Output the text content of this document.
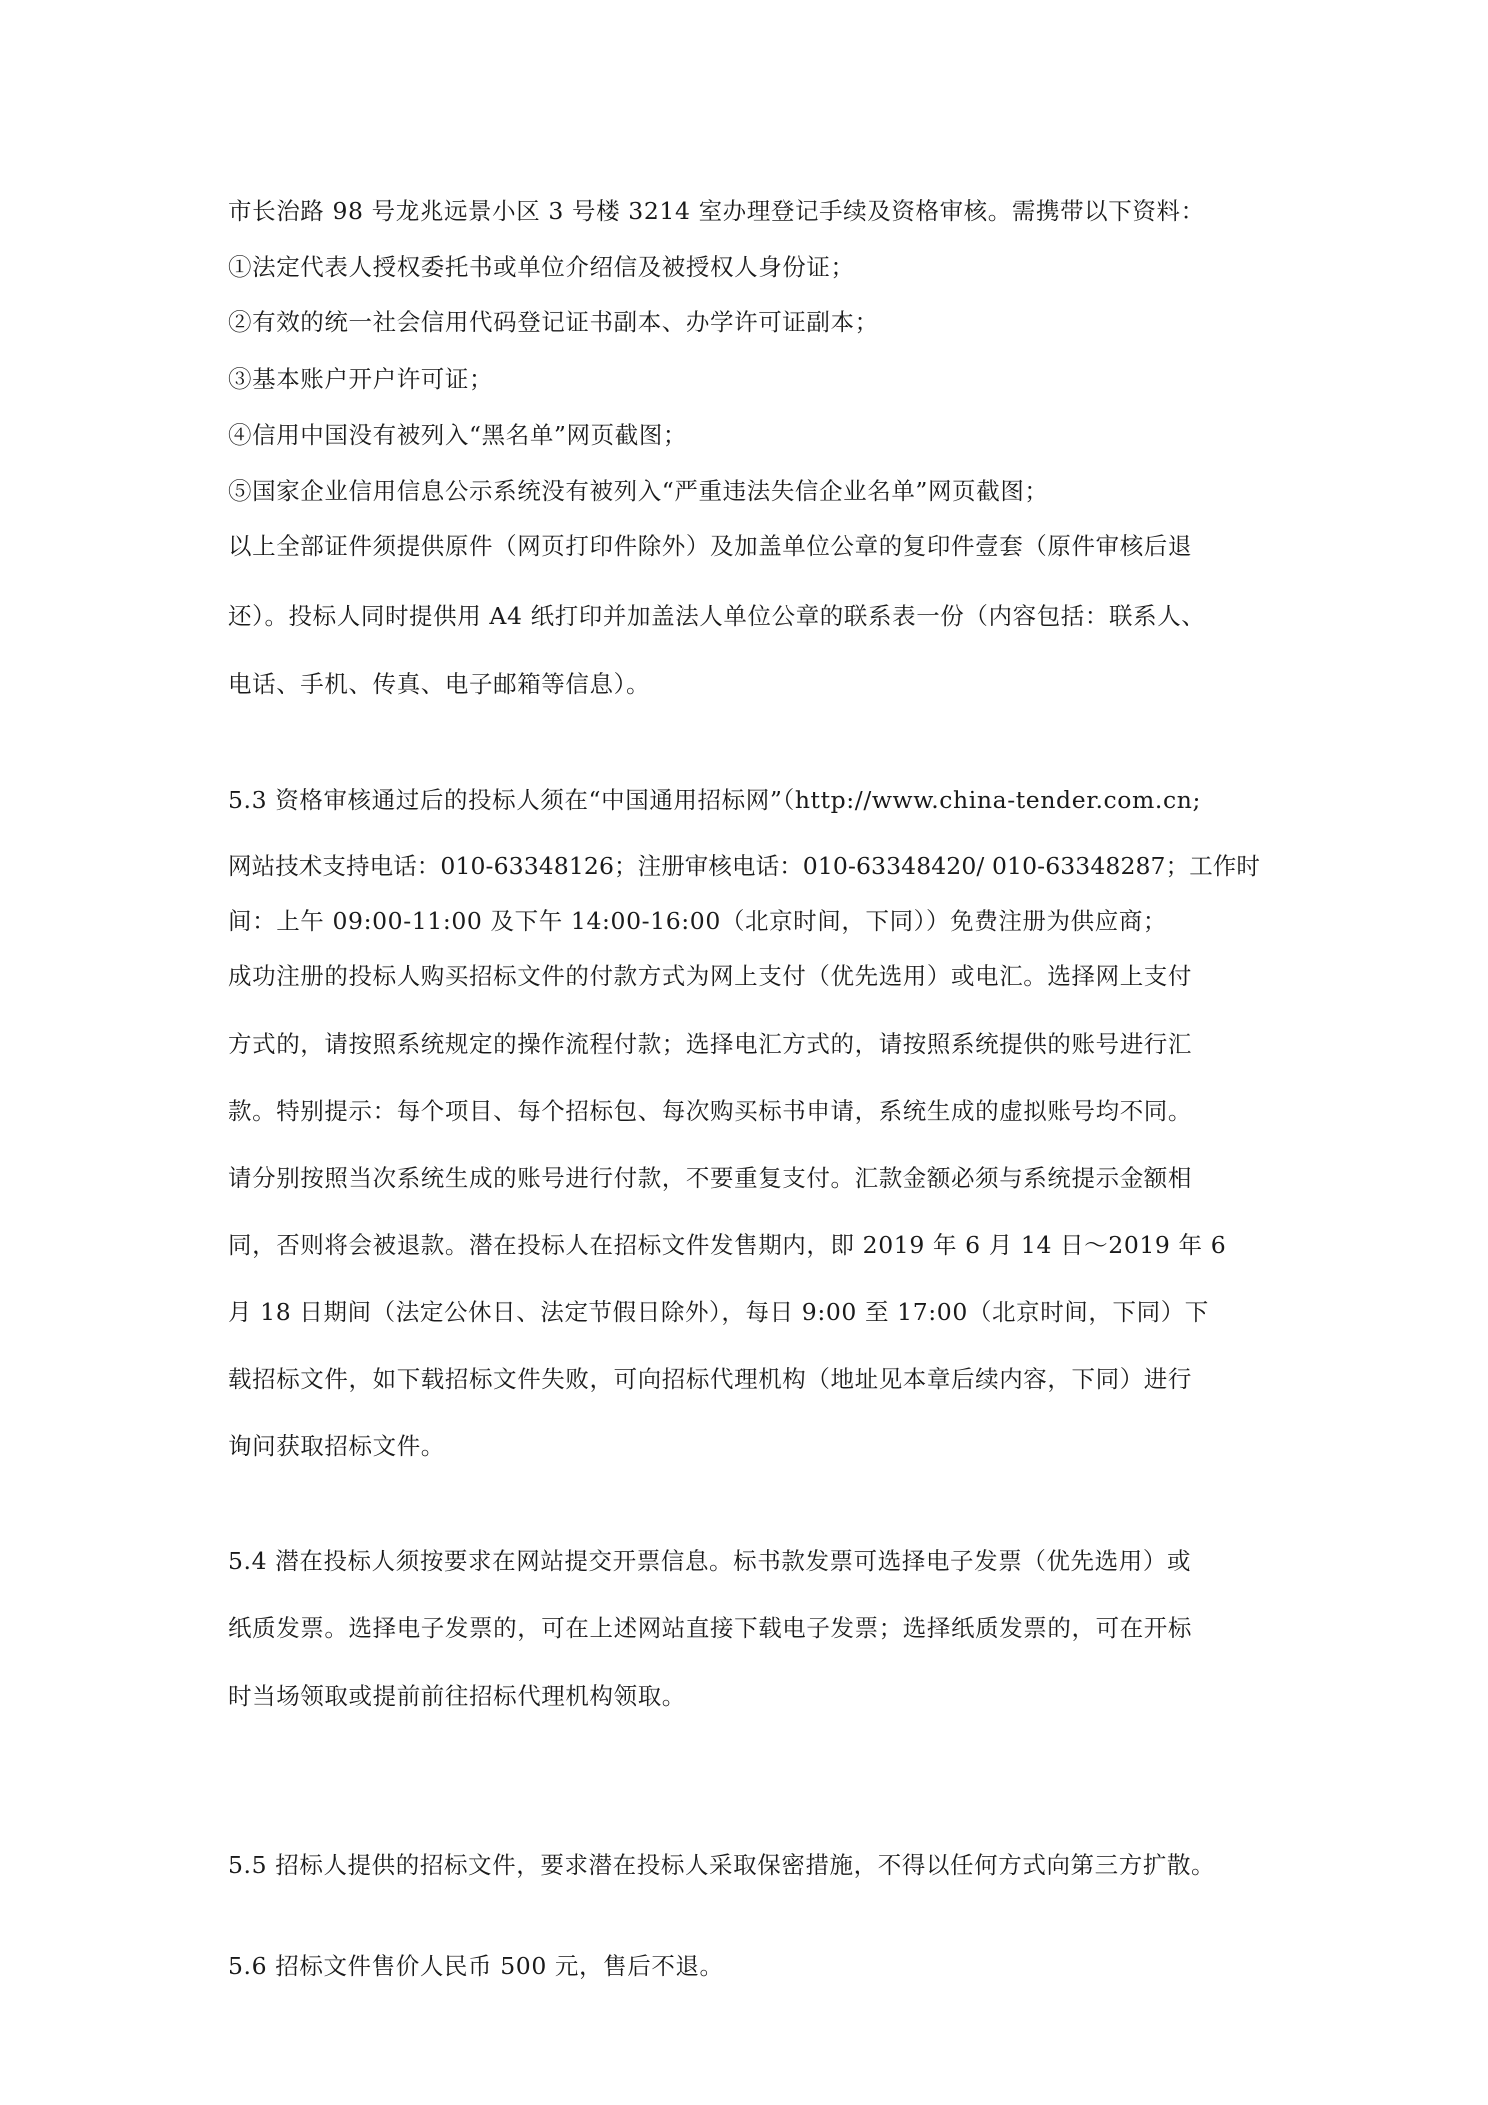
市长治路 98 号龙兆远景小区 3 号楼 3214 室办理登记手续及资格审核。需携带以下资料：

①法定代表人授权委托书或单位介绍信及被授权人身份证；

②有效的统一社会信用代码登记证书副本、办学许可证副本；

③基本账户开户许可证；

④信用中国没有被列入“黑名单”网页截图；

⑤国家企业信用信息公示系统没有被列入“严重违法失信企业名单”网页截图；

以上全部证件须提供原件（网页打印件除外）及加盖单位公章的复印件壹套（原件审核后退

还）。投标人同时提供用 A4 纸打印并加盖法人单位公章的联系表一份（内容包括：联系人、

电话、手机、传真、电子邮箱等信息）。

5.3 资格审核通过后的投标人须在“中国通用招标网”（http://www.china-tender.com.cn;

网站技术支持电话：010-63348126；注册审核电话：010-63348420/ 010-63348287；工作时

间：上午 09:00-11:00 及下午 14:00-16:00（北京时间，下同））免费注册为供应商；

成功注册的投标人购买招标文件的付款方式为网上支付（优先选用）或电汇。选择网上支付

方式的，请按照系统规定的操作流程付款；选择电汇方式的，请按照系统提供的账号进行汇

款。特别提示：每个项目、每个招标包、每次购买标书申请，系统生成的虚拟账号均不同。

请分别按照当次系统生成的账号进行付款，不要重复支付。汇款金额必须与系统提示金额相

同，否则将会被退款。潜在投标人在招标文件发售期内，即 2019 年 6 月 14 日～2019 年 6

月 18 日期间（法定公休日、法定节假日除外），每日 9:00 至 17:00（北京时间，下同）下

载招标文件，如下载招标文件失败，可向招标代理机构（地址见本章后续内容，下同）进行

询问获取招标文件。

5.4 潜在投标人须按要求在网站提交开票信息。标书款发票可选择电子发票（优先选用）或

纸质发票。选择电子发票的，可在上述网站直接下载电子发票；选择纸质发票的，可在开标

时当场领取或提前前往招标代理机构领取。

5.5 招标人提供的招标文件，要求潜在投标人采取保密措施，不得以任何方式向第三方扩散。

5.6 招标文件售价人民币 500 元，售后不退。
